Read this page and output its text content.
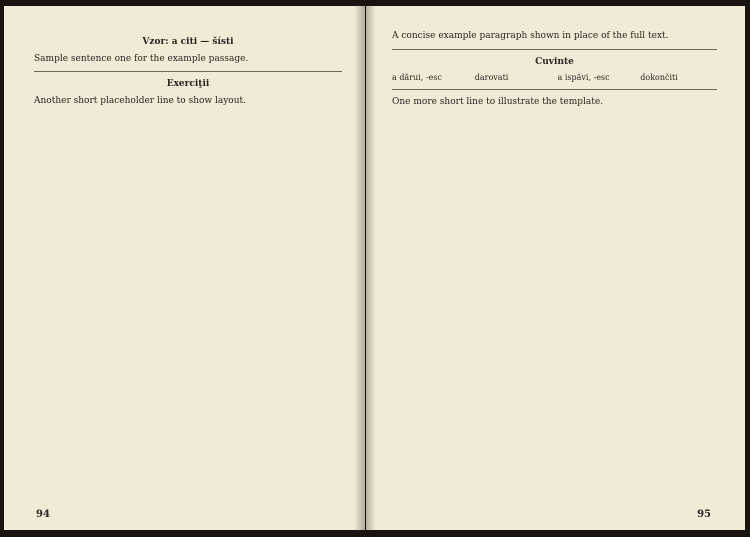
Vzor: a citi — šísti
Sample sentence one for the example passage.
Exerciţii
Another short placeholder line to show layout.
94
A concise example paragraph shown in place of the full text.
Cuvinte
a dărui, -esc	darovati	a ispăvi, -esc	dokončiti
One more short line to illustrate the template.
95
